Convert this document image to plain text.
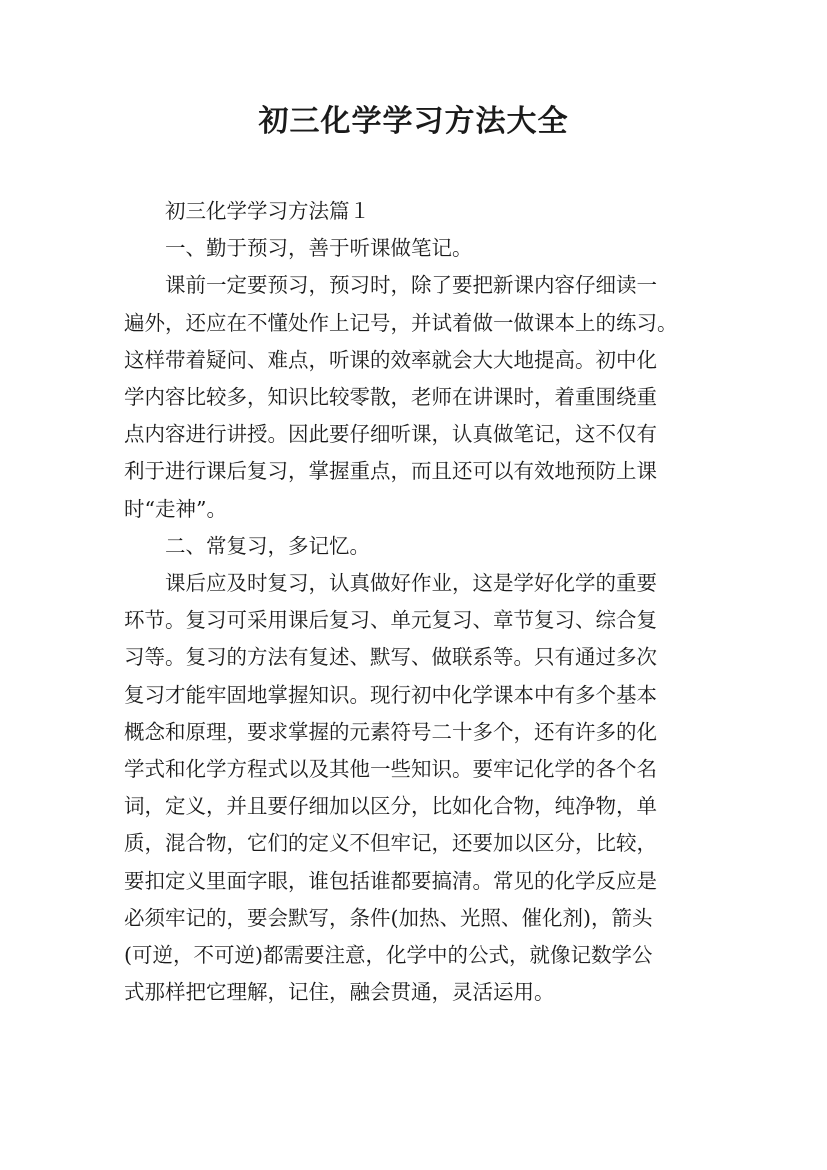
初三化学学习方法大全

初三化学学习方法篇１

一、勤于预习，善于听课做笔记。

课前一定要预习，预习时，除了要把新课内容仔细读一

遍外，还应在不懂处作上记号，并试着做一做课本上的练习。

这样带着疑问、难点，听课的效率就会大大地提高。初中化

学内容比较多，知识比较零散，老师在讲课时，着重围绕重

点内容进行讲授。因此要仔细听课，认真做笔记，这不仅有

利于进行课后复习，掌握重点，而且还可以有效地预防上课

时“走神”。

二、常复习，多记忆。

课后应及时复习，认真做好作业，这是学好化学的重要

环节。复习可采用课后复习、单元复习、章节复习、综合复

习等。复习的方法有复述、默写、做联系等。只有通过多次

复习才能牢固地掌握知识。现行初中化学课本中有多个基本

概念和原理，要求掌握的元素符号二十多个，还有许多的化

学式和化学方程式以及其他一些知识。要牢记化学的各个名

词，定义，并且要仔细加以区分，比如化合物，纯净物，单

质，混合物，它们的定义不但牢记，还要加以区分，比较，

要扣定义里面字眼，谁包括谁都要搞清。常见的化学反应是

必须牢记的，要会默写，条件(加热、光照、催化剂)，箭头

(可逆，不可逆)都需要注意，化学中的公式，就像记数学公

式那样把它理解，记住，融会贯通，灵活运用。
